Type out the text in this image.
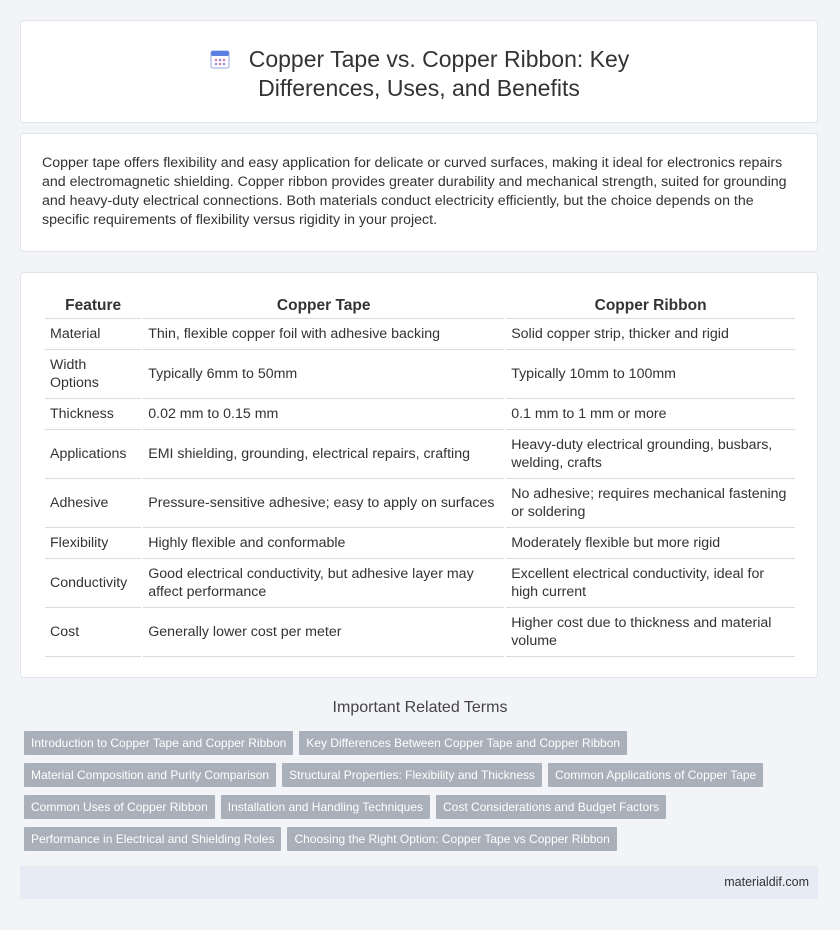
Copper Tape vs. Copper Ribbon: Key Differences, Uses, and Benefits
Copper tape offers flexibility and easy application for delicate or curved surfaces, making it ideal for electronics repairs and electromagnetic shielding. Copper ribbon provides greater durability and mechanical strength, suited for grounding and heavy-duty electrical connections. Both materials conduct electricity efficiently, but the choice depends on the specific requirements of flexibility versus rigidity in your project.
Feature	Copper Tape	Copper Ribbon
Material	Thin, flexible copper foil with adhesive backing	Solid copper strip, thicker and rigid
Width Options	Typically 6mm to 50mm	Typically 10mm to 100mm
Thickness	0.02 mm to 0.15 mm	0.1 mm to 1 mm or more
Applications	EMI shielding, grounding, electrical repairs, crafting	Heavy-duty electrical grounding, busbars, welding, crafts
Adhesive	Pressure-sensitive adhesive; easy to apply on surfaces	No adhesive; requires mechanical fastening or soldering
Flexibility	Highly flexible and conformable	Moderately flexible but more rigid
Conductivity	Good electrical conductivity, but adhesive layer may affect performance	Excellent electrical conductivity, ideal for high current
Cost	Generally lower cost per meter	Higher cost due to thickness and material volume
Important Related Terms
Introduction to Copper Tape and Copper Ribbon Key Differences Between Copper Tape and Copper Ribbon
Material Composition and Purity Comparison Structural Properties: Flexibility and Thickness Common Applications of Copper Tape
Common Uses of Copper Ribbon Installation and Handling Techniques Cost Considerations and Budget Factors
Performance in Electrical and Shielding Roles Choosing the Right Option: Copper Tape vs Copper Ribbon
materialdif.com
